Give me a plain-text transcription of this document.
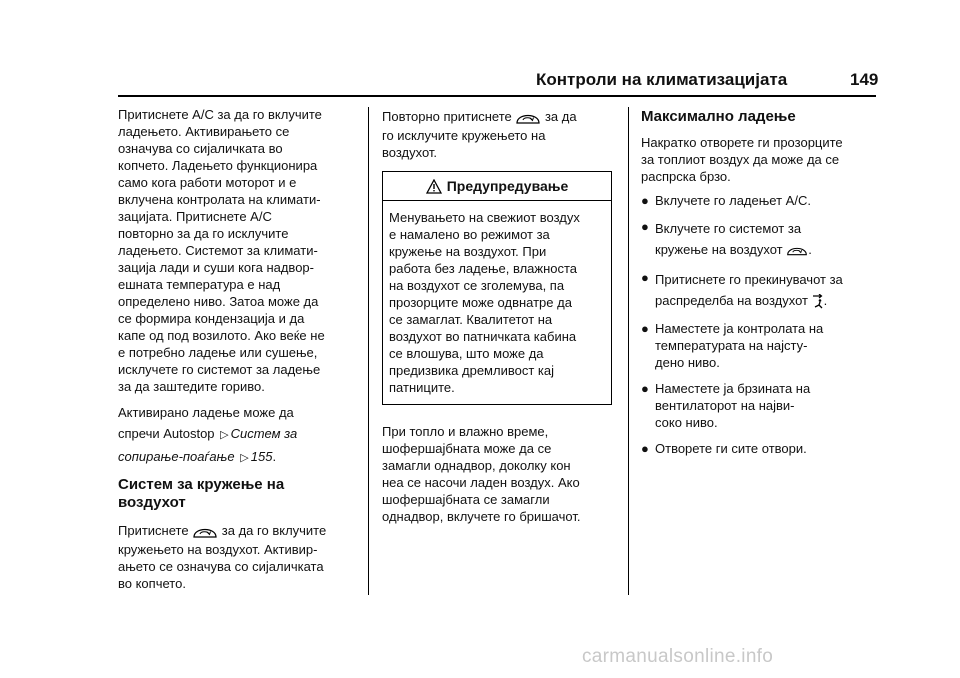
Контроли на климатизацијата	149

Притиснете A/C за да го вклучите
ладењето. Активирањето се
означува со сијаличката во
копчето. Ладењето функционира
само кога работи моторот и е
вклучена контролата на климати-
зацијата. Притиснете A/C
повторно за да го исклучите
ладењето. Системот за климати-
зација лади и суши кога надвор-
ешната температура е над
определено ниво. Затоа може да
се формира кондензација и да
капе од под возилото. Ако веќе не
е потребно ладење или сушење,
исклучете го системот за ладење
за да заштедите гориво.

Активирано ладење може да
спречи Autostop ▷ Систем за
сопирање-поаѓање ▷ 155.

Систем за кружење на
воздухот

Притиснете  за да го вклучите
кружењето на воздухот. Активир-
ањето се означува со сијаличката
во копчето.

Повторно притиснете  за да
го исклучите кружењето на
воздухот.

Предупредување
Менувањето на свежиот воздух
е намалено во режимот за
кружење на воздухот. При
работа без ладење, влажноста
на воздухот се зголемува, па
прозорците може одвнатре да
се замаглат. Квалитетот на
воздухот во патничката кабина
се влошува, што може да
предизвика дремливост кај
патниците.

При топло и влажно време,
шофершајбната може да се
замагли однадвор, доколку кон
неа се насочи ладен воздух. Ако
шофершајбната се замагли
однадвор, вклучете го бришачот.

Максимално ладење

Накратко отворете ги прозорците
за топлиот воздух да може да се
распрска брзо.

● Вклучете го ладењет A/C.
● Вклучете го системот за
кружење на воздухот .
● Притиснете го прекинувачот за
распределба на воздухот .
● Наместете ја контролата на
температурата на најсту-
дено ниво.
● Наместете ја брзината на
вентилаторот на најви-
соко ниво.
● Отворете ги сите отвори.
carmanualsonline.info
